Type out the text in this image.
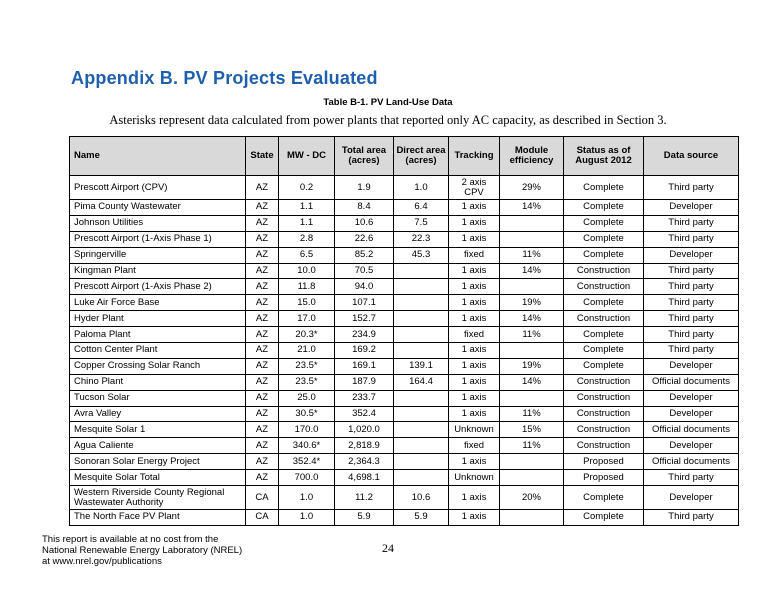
Appendix B. PV Projects Evaluated
Table B-1. PV Land-Use Data
Asterisks represent data calculated from power plants that reported only AC capacity, as described in Section 3.
Name	State	MW - DC	Total area (acres)	Direct area (acres)	Tracking	Module efficiency	Status as of August 2012	Data source
Prescott Airport (CPV)	AZ	0.2	1.9	1.0	2 axis CPV	29%	Complete	Third party
Pima County Wastewater	AZ	1.1	8.4	6.4	1 axis	14%	Complete	Developer
Johnson Utilities	AZ	1.1	10.6	7.5	1 axis		Complete	Third party
Prescott Airport (1-Axis Phase 1)	AZ	2.8	22.6	22.3	1 axis		Complete	Third party
Springerville	AZ	6.5	85.2	45.3	fixed	11%	Complete	Developer
Kingman Plant	AZ	10.0	70.5		1 axis	14%	Construction	Third party
Prescott Airport (1-Axis Phase 2)	AZ	11.8	94.0		1 axis		Construction	Third party
Luke Air Force Base	AZ	15.0	107.1		1 axis	19%	Complete	Third party
Hyder Plant	AZ	17.0	152.7		1 axis	14%	Construction	Third party
Paloma Plant	AZ	20.3*	234.9		fixed	11%	Complete	Third party
Cotton Center Plant	AZ	21.0	169.2		1 axis		Complete	Third party
Copper Crossing Solar Ranch	AZ	23.5*	169.1	139.1	1 axis	19%	Complete	Developer
Chino Plant	AZ	23.5*	187.9	164.4	1 axis	14%	Construction	Official documents
Tucson Solar	AZ	25.0	233.7		1 axis		Construction	Developer
Avra Valley	AZ	30.5*	352.4		1 axis	11%	Construction	Developer
Mesquite Solar 1	AZ	170.0	1,020.0		Unknown	15%	Construction	Official documents
Agua Caliente	AZ	340.6*	2,818.9		fixed	11%	Construction	Developer
Sonoran Solar Energy Project	AZ	352.4*	2,364.3		1 axis		Proposed	Official documents
Mesquite Solar Total	AZ	700.0	4,698.1		Unknown		Proposed	Third party
Western Riverside County Regional Wastewater Authority	CA	1.0	11.2	10.6	1 axis	20%	Complete	Developer
The North Face PV Plant	CA	1.0	5.9	5.9	1 axis		Complete	Third party
This report is available at no cost from the
National Renewable Energy Laboratory (NREL)
at www.nrel.gov/publications
24
